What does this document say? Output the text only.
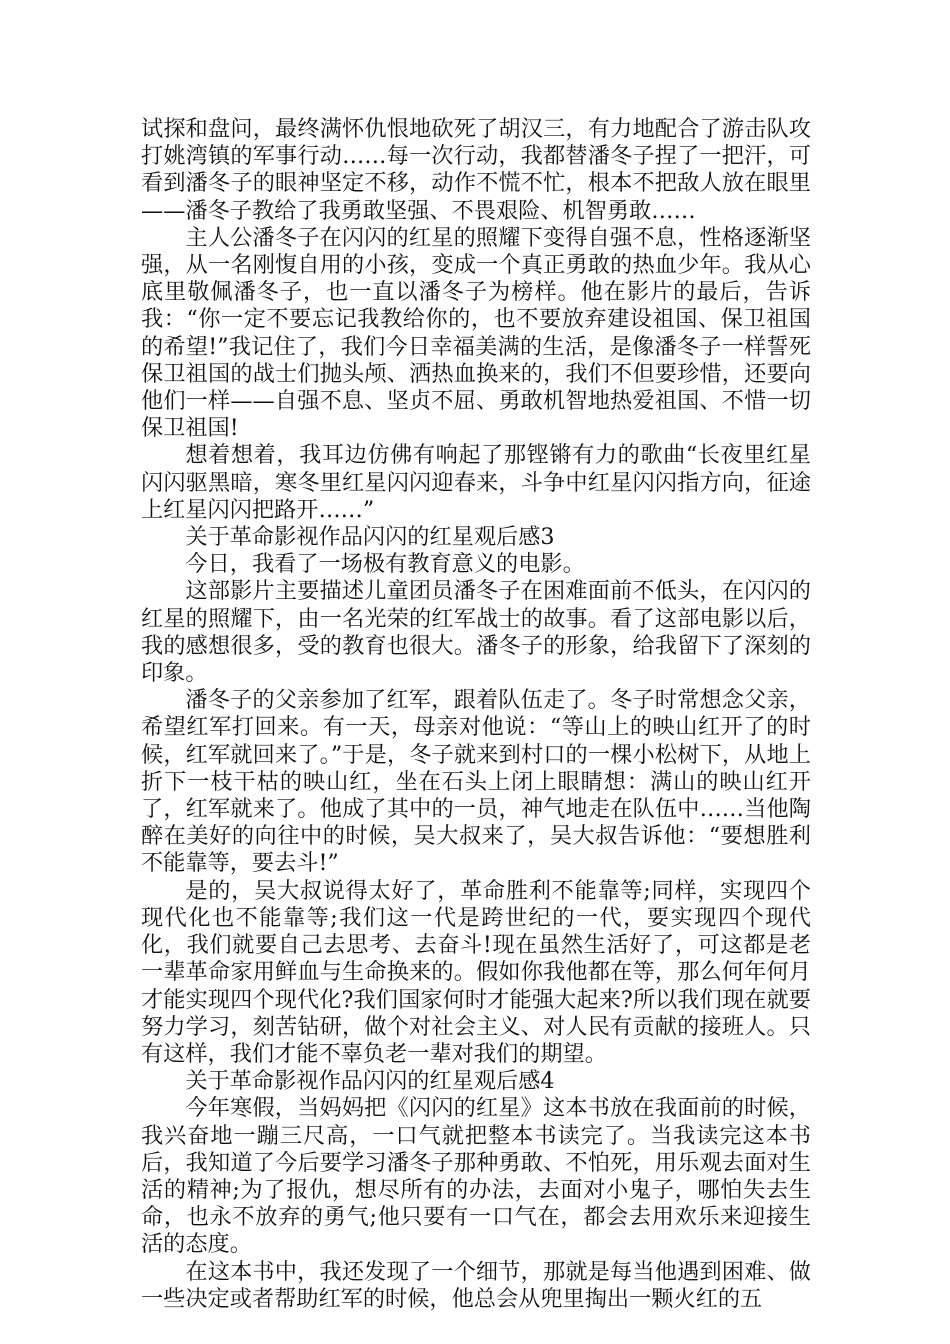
试探和盘问，最终满怀仇恨地砍死了胡汉三，有力地配合了游击队攻打姚湾镇的军事行动……每一次行动，我都替潘冬子捏了一把汗，可看到潘冬子的眼神坚定不移，动作不慌不忙，根本不把敌人放在眼里——潘冬子教给了我勇敢坚强、不畏艰险、机智勇敢……

主人公潘冬子在闪闪的红星的照耀下变得自强不息，性格逐渐坚强，从一名刚愎自用的小孩，变成一个真正勇敢的热血少年。我从心底里敬佩潘冬子，也一直以潘冬子为榜样。他在影片的最后，告诉我：“你一定不要忘记我教给你的，也不要放弃建设祖国、保卫祖国的希望!”我记住了，我们今日幸福美满的生活，是像潘冬子一样誓死保卫祖国的战士们抛头颅、洒热血换来的，我们不但要珍惜，还要向他们一样——自强不息、坚贞不屈、勇敢机智地热爱祖国、不惜一切保卫祖国!

想着想着，我耳边仿佛有响起了那铿锵有力的歌曲“长夜里红星闪闪驱黑暗，寒冬里红星闪闪迎春来，斗争中红星闪闪指方向，征途上红星闪闪把路开……”

关于革命影视作品闪闪的红星观后感3

今日，我看了一场极有教育意义的电影。

这部影片主要描述儿童团员潘冬子在困难面前不低头，在闪闪的红星的照耀下，由一名光荣的红军战士的故事。看了这部电影以后，我的感想很多，受的教育也很大。潘冬子的形象，给我留下了深刻的印象。

潘冬子的父亲参加了红军，跟着队伍走了。冬子时常想念父亲，希望红军打回来。有一天，母亲对他说：“等山上的映山红开了的时候，红军就回来了。”于是，冬子就来到村口的一棵小松树下，从地上折下一枝干枯的映山红，坐在石头上闭上眼睛想：满山的映山红开了，红军就来了。他成了其中的一员，神气地走在队伍中……当他陶醉在美好的向往中的时候，吴大叔来了，吴大叔告诉他：“要想胜利不能靠等，要去斗!”

是的，吴大叔说得太好了，革命胜利不能靠等;同样，实现四个现代化也不能靠等;我们这一代是跨世纪的一代，要实现四个现代化，我们就要自己去思考、去奋斗!现在虽然生活好了，可这都是老一辈革命家用鲜血与生命换来的。假如你我他都在等，那么何年何月才能实现四个现代化?我们国家何时才能强大起来?所以我们现在就要努力学习，刻苦钻研，做个对社会主义、对人民有贡献的接班人。只有这样，我们才能不辜负老一辈对我们的期望。

关于革命影视作品闪闪的红星观后感4

今年寒假，当妈妈把《闪闪的红星》这本书放在我面前的时候，我兴奋地一蹦三尺高，一口气就把整本书读完了。当我读完这本书后，我知道了今后要学习潘冬子那种勇敢、不怕死，用乐观去面对生活的精神;为了报仇，想尽所有的办法，去面对小鬼子，哪怕失去生命，也永不放弃的勇气;他只要有一口气在，都会去用欢乐来迎接生活的态度。

在这本书中，我还发现了一个细节，那就是每当他遇到困难、做一些决定或者帮助红军的时候，他总会从兜里掏出一颗火红的五
